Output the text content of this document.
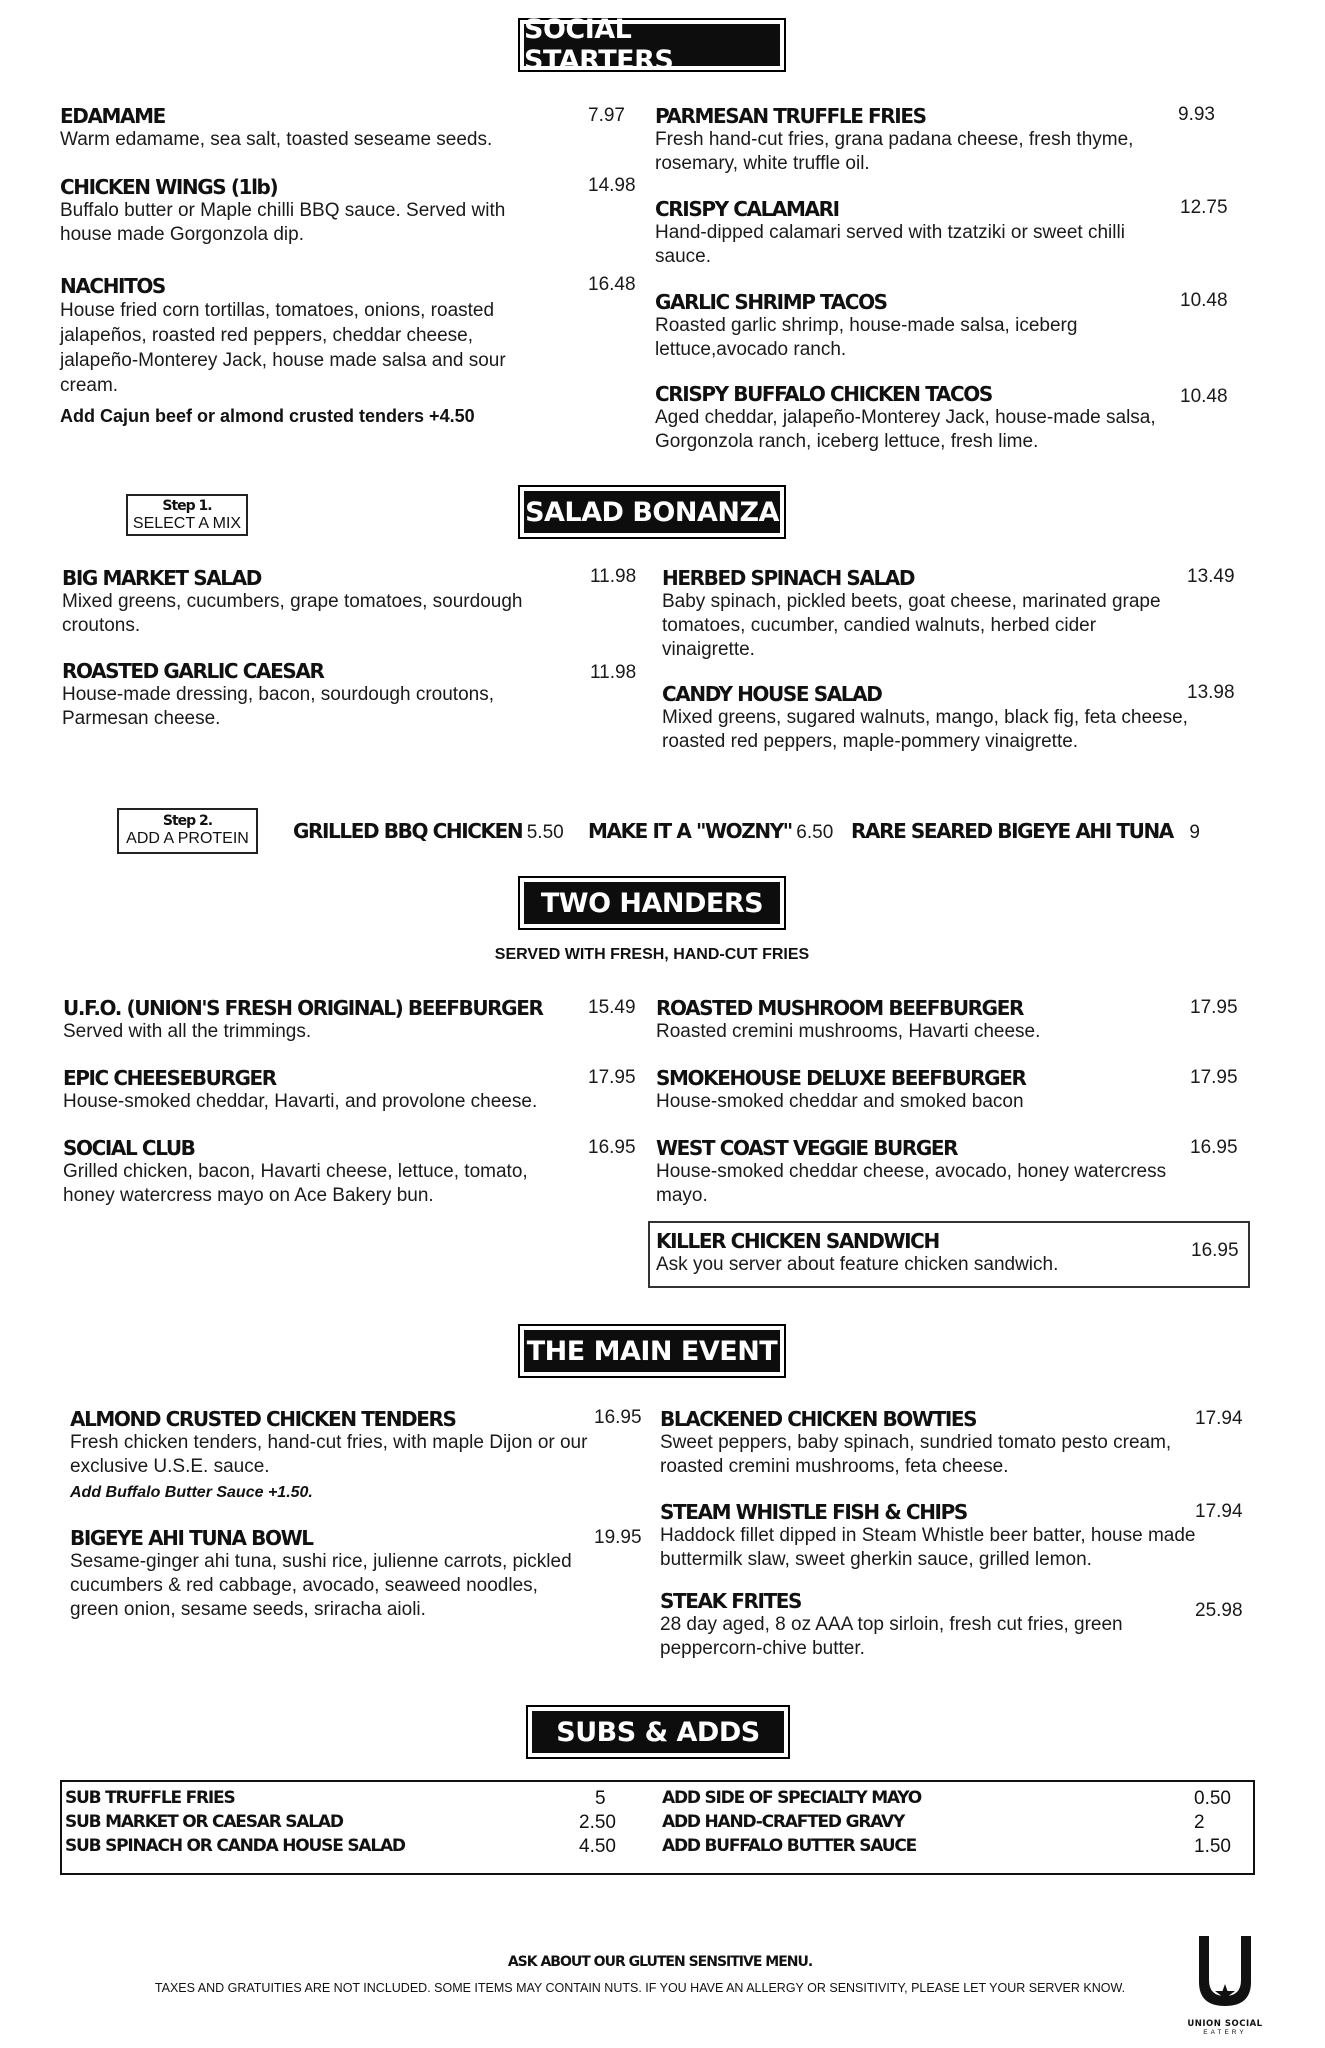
SOCIAL STARTERS
EDAMAME
Warm edamame, sea salt, toasted seseame seeds.
7.97
CHICKEN WINGS (1lb)
Buffalo butter or Maple chilli BBQ sauce. Served with house made Gorgonzola dip.
14.98
NACHITOS
House fried corn tortillas, tomatoes, onions, roasted jalapeños, roasted red peppers, cheddar cheese, jalapeño-Monterey Jack, house made salsa and sour cream.
Add Cajun beef or almond crusted tenders +4.50
16.48
PARMESAN TRUFFLE FRIES
Fresh hand-cut fries, grana padana cheese, fresh thyme, rosemary, white truffle oil.
9.93
CRISPY CALAMARI
Hand-dipped calamari served with tzatziki or sweet chilli sauce.
12.75
GARLIC SHRIMP TACOS
Roasted garlic shrimp, house-made salsa, iceberg lettuce,avocado ranch.
10.48
CRISPY BUFFALO CHICKEN TACOS
Aged cheddar, jalapeño-Monterey Jack, house-made salsa, Gorgonzola ranch, iceberg lettuce, fresh lime.
10.48
Step 1.
SELECT A MIX	SALAD BONANZA
BIG MARKET SALAD
Mixed greens, cucumbers, grape tomatoes, sourdough croutons.
11.98
ROASTED GARLIC CAESAR
House-made dressing, bacon, sourdough croutons, Parmesan cheese.
11.98
HERBED SPINACH SALAD
Baby spinach, pickled beets, goat cheese, marinated grape tomatoes, cucumber, candied walnuts, herbed cider vinaigrette.
13.49
CANDY HOUSE SALAD
Mixed greens, sugared walnuts, mango, black fig, feta cheese, roasted red peppers, maple-pommery vinaigrette.
13.98
Step 2.
ADD A PROTEIN	GRILLED BBQ CHICKEN 5.50 MAKE IT A "WOZNY" 6.50 RARE SEARED BIGEYE AHI TUNA 9
TWO HANDERS
SERVED WITH FRESH, HAND-CUT FRIES
U.F.O. (UNION'S FRESH ORIGINAL) BEEFBURGER
Served with all the trimmings.
15.49
EPIC CHEESEBURGER
House-smoked cheddar, Havarti, and provolone cheese.
17.95
SOCIAL CLUB
Grilled chicken, bacon, Havarti cheese, lettuce, tomato, honey watercress mayo on Ace Bakery bun.
16.95
ROASTED MUSHROOM BEEFBURGER
Roasted cremini mushrooms, Havarti cheese.
17.95
SMOKEHOUSE DELUXE BEEFBURGER
House-smoked cheddar and smoked bacon
17.95
WEST COAST VEGGIE BURGER
House-smoked cheddar cheese, avocado, honey watercress mayo.
16.95
KILLER CHICKEN SANDWICH
Ask you server about feature chicken sandwich.
16.95
THE MAIN EVENT
ALMOND CRUSTED CHICKEN TENDERS
Fresh chicken tenders, hand-cut fries, with maple Dijon or our exclusive U.S.E. sauce.
Add Buffalo Butter Sauce +1.50.
16.95
BIGEYE AHI TUNA BOWL
Sesame-ginger ahi tuna, sushi rice, julienne carrots, pickled cucumbers & red cabbage, avocado, seaweed noodles, green onion, sesame seeds, sriracha aioli.
19.95
BLACKENED CHICKEN BOWTIES
Sweet peppers, baby spinach, sundried tomato pesto cream, roasted cremini mushrooms, feta cheese.
17.94
STEAM WHISTLE FISH & CHIPS
Haddock fillet dipped in Steam Whistle beer batter, house made buttermilk slaw, sweet gherkin sauce, grilled lemon.
17.94
STEAK FRITES
28 day aged, 8 oz AAA top sirloin, fresh cut fries, green peppercorn-chive butter.
25.98
SUBS & ADDS
SUB TRUFFLE FRIES	5
SUB MARKET OR CAESAR SALAD	2.50
SUB SPINACH OR CANDA HOUSE SALAD	4.50
ADD SIDE OF SPECIALTY MAYO	0.50
ADD HAND-CRAFTED GRAVY	2
ADD BUFFALO BUTTER SAUCE	1.50
ASK ABOUT OUR GLUTEN SENSITIVE MENU.
TAXES AND GRATUITIES ARE NOT INCLUDED. SOME ITEMS MAY CONTAIN NUTS. IF YOU HAVE AN ALLERGY OR SENSITIVITY, PLEASE LET YOUR SERVER KNOW.
UNION SOCIAL
EATERY
